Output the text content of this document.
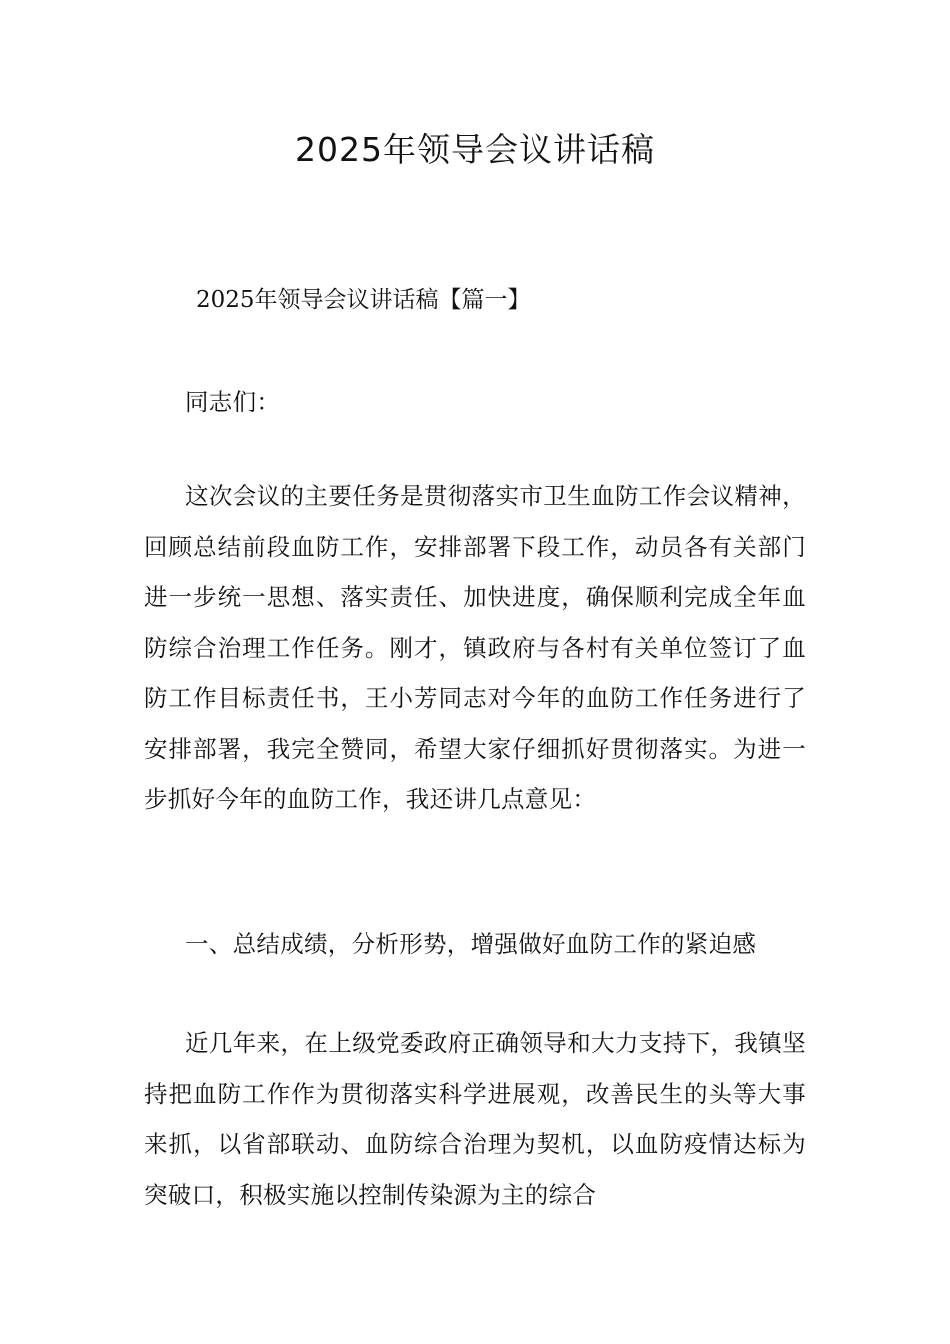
2025年领导会议讲话稿

2025年领导会议讲话稿【篇一】

同志们：

这次会议的主要任务是贯彻落实市卫生血防工作会议精神，回顾总结前段血防工作，安排部署下段工作，动员各有关部门进一步统一思想、落实责任、加快进度，确保顺利完成全年血防综合治理工作任务。刚才，镇政府与各村有关单位签订了血防工作目标责任书，王小芳同志对今年的血防工作任务进行了安排部署，我完全赞同，希望大家仔细抓好贯彻落实。为进一步抓好今年的血防工作，我还讲几点意见：

一、总结成绩，分析形势，增强做好血防工作的紧迫感

近几年来，在上级党委政府正确领导和大力支持下，我镇坚持把血防工作作为贯彻落实科学进展观，改善民生的头等大事来抓，以省部联动、血防综合治理为契机，以血防疫情达标为突破口，积极实施以控制传染源为主的综合
